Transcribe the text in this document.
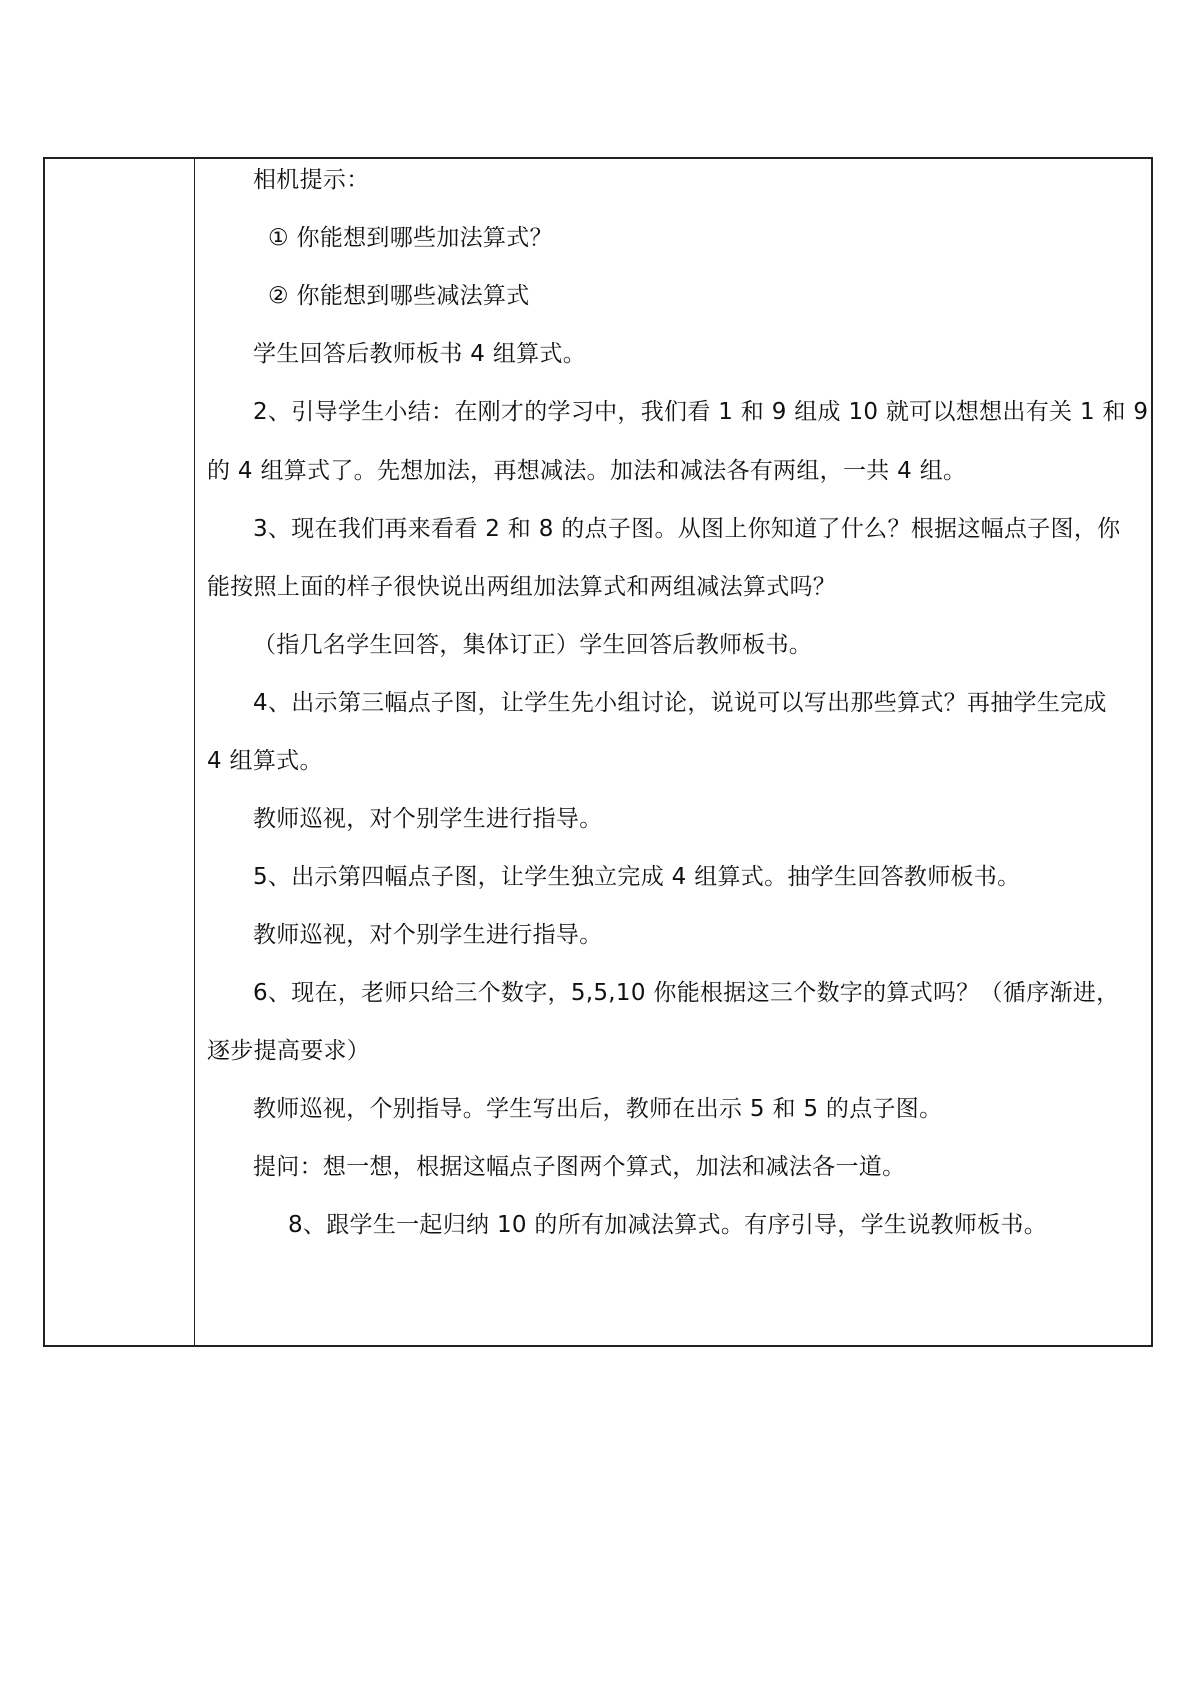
相机提示：
① 你能想到哪些加法算式？
② 你能想到哪些减法算式
学生回答后教师板书 4 组算式。
2、引导学生小结：在刚才的学习中，我们看 1 和 9 组成 10 就可以想想出有关 1 和 9
的 4 组算式了。先想加法，再想减法。加法和减法各有两组，一共 4 组。
3、现在我们再来看看 2 和 8 的点子图。从图上你知道了什么？根据这幅点子图，你
能按照上面的样子很快说出两组加法算式和两组减法算式吗？
（指几名学生回答，集体订正）学生回答后教师板书。
4、出示第三幅点子图，让学生先小组讨论，说说可以写出那些算式？再抽学生完成
4 组算式。
教师巡视，对个别学生进行指导。
5、出示第四幅点子图，让学生独立完成 4 组算式。抽学生回答教师板书。
教师巡视，对个别学生进行指导。
6、现在，老师只给三个数字，5,5,10 你能根据这三个数字的算式吗？（循序渐进，
逐步提高要求）
教师巡视，个别指导。学生写出后，教师在出示 5 和 5 的点子图。
提问：想一想，根据这幅点子图两个算式，加法和减法各一道。
8、跟学生一起归纳 10 的所有加减法算式。有序引导，学生说教师板书。
